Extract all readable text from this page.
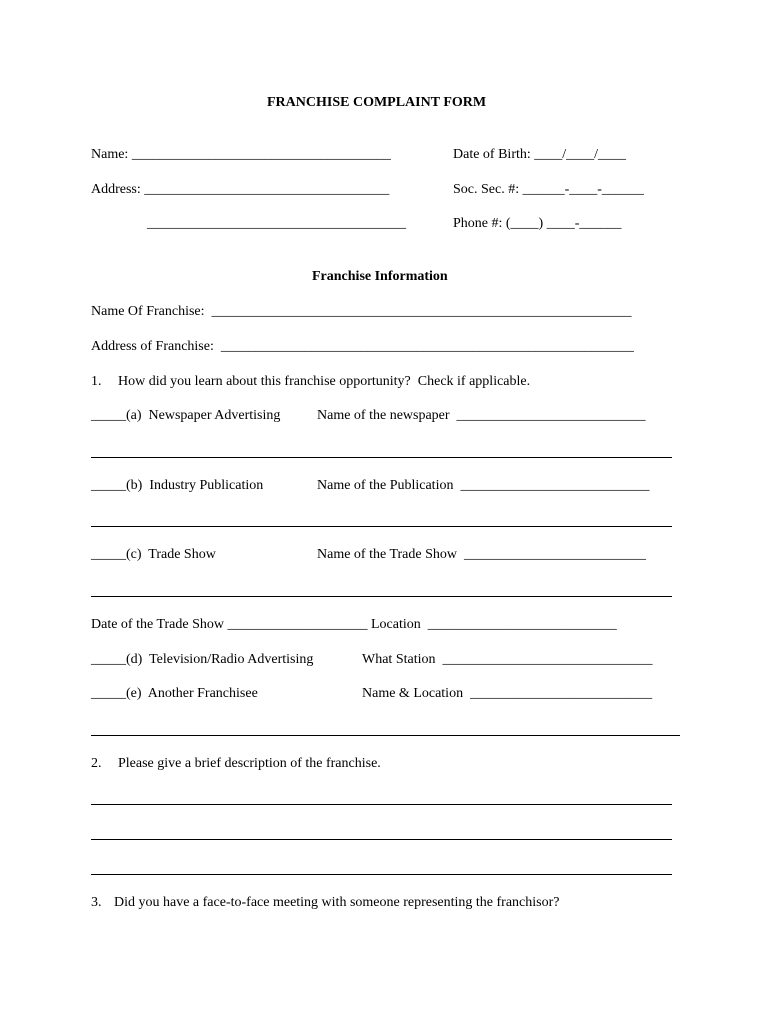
FRANCHISE COMPLAINT FORM
Name: _____________________________________	Date of Birth: ____/____/____
Address: ___________________________________	Soc. Sec. #: ______-____-______
_____________________________________	Phone #: (____) ____-______
Franchise Information
Name Of Franchise:  ____________________________________________________________
Address of Franchise:  ___________________________________________________________
1. How did you learn about this franchise opportunity?  Check if applicable.
_____(a)  Newspaper Advertising	Name of the newspaper  ___________________________
_____(b)  Industry Publication	Name of the Publication  ___________________________
_____(c)  Trade Show	Name of the Trade Show  __________________________
Date of the Trade Show ____________________ Location  ___________________________
_____(d)  Television/Radio Advertising	What Station  ______________________________
_____(e)  Another Franchisee	Name & Location  __________________________
2. Please give a brief description of the franchise.
3. Did you have a face-to-face meeting with someone representing the franchisor?
